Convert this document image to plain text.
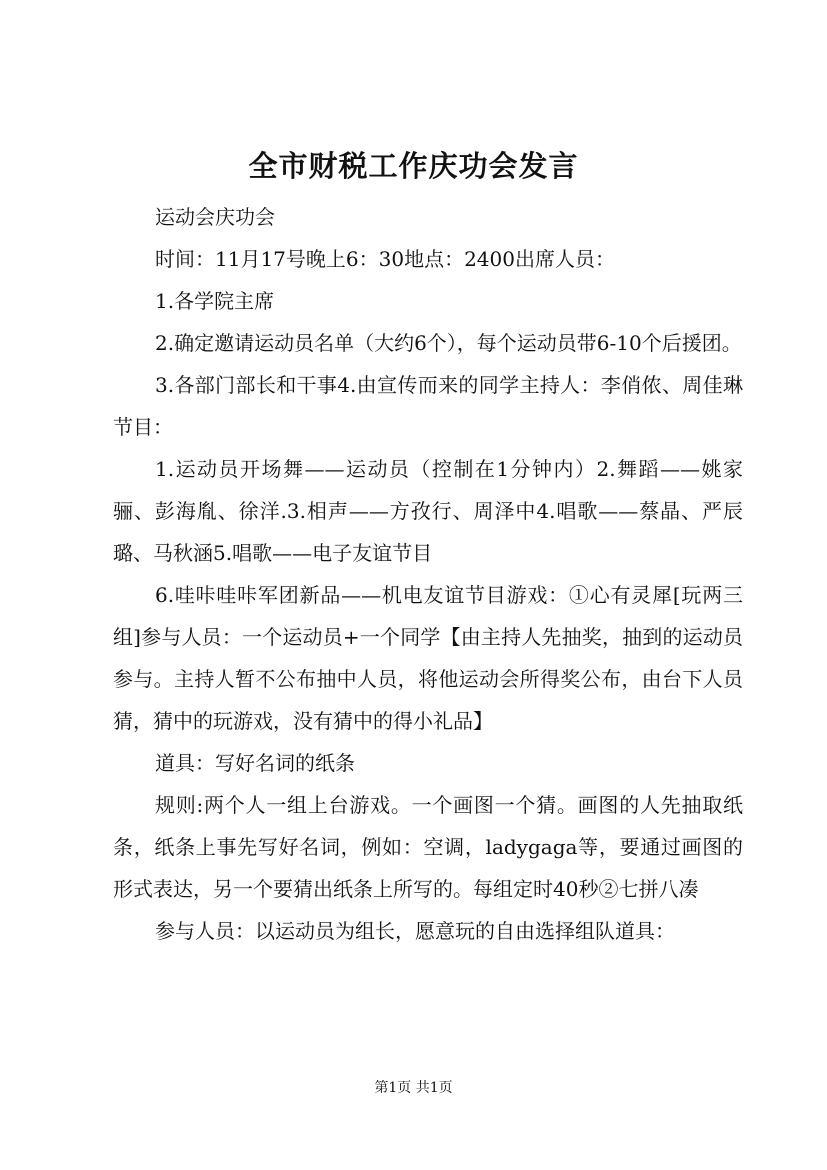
全市财税工作庆功会发言

运动会庆功会

时间：11月17号晚上6：30地点：2400出席人员：

1.各学院主席

2.确定邀请运动员名单（大约6个），每个运动员带6-10个后援团。

3.各部门部长和干事4.由宣传而来的同学主持人：李俏侬、周佳琳节目：

1.运动员开场舞——运动员（控制在1分钟内）2.舞蹈——姚家骊、彭海胤、徐洋.3.相声——方孜行、周泽中4.唱歌——蔡晶、严辰璐、马秋涵5.唱歌——电子友谊节目

6.哇咔哇咔军团新品——机电友谊节目游戏：①心有灵犀[玩两三组]参与人员：一个运动员+一个同学【由主持人先抽奖，抽到的运动员参与。主持人暂不公布抽中人员，将他运动会所得奖公布，由台下人员猜，猜中的玩游戏，没有猜中的得小礼品】

道具：写好名词的纸条

规则:两个人一组上台游戏。一个画图一个猜。画图的人先抽取纸条，纸条上事先写好名词，例如：空调，ladygaga等，要通过画图的形式表达，另一个要猜出纸条上所写的。每组定时40秒②七拼八凑

参与人员：以运动员为组长，愿意玩的自由选择组队道具：

第1页 共1页
